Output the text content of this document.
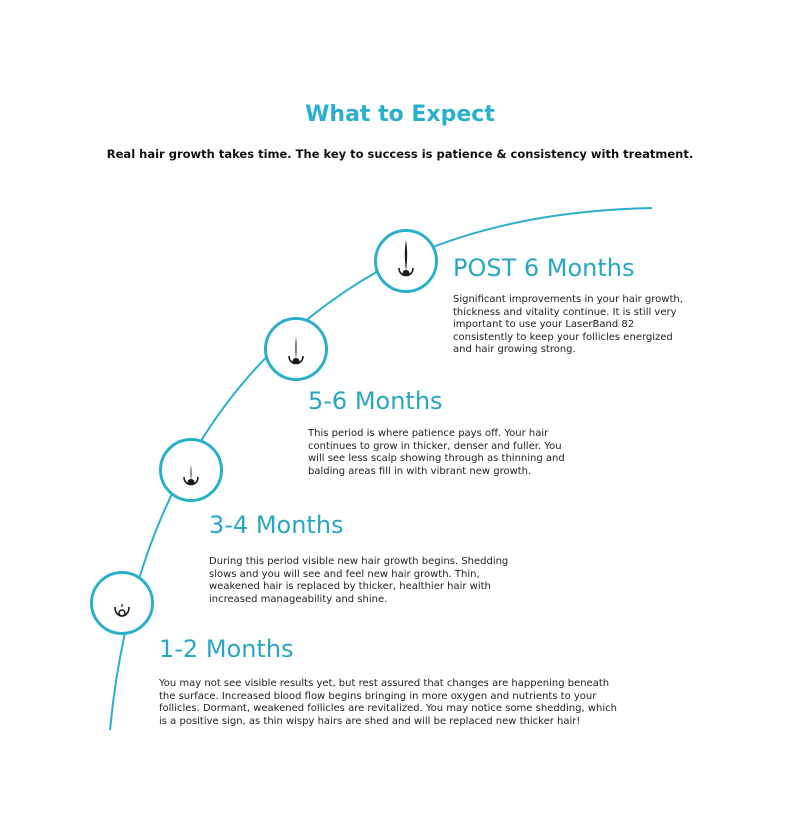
What to Expect
Real hair growth takes time. The key to success is patience & consistency with treatment.
POST 6 Months
Significant improvements in your hair growth,
thickness and vitality continue. It is still very
important to use your LaserBand 82
consistently to keep your follicles energized
and hair growing strong.
5-6 Months
This period is where patience pays off. Your hair
continues to grow in thicker, denser and fuller. You
will see less scalp showing through as thinning and
balding areas fill in with vibrant new growth.
3-4 Months
During this period visible new hair growth begins. Shedding
slows and you will see and feel new hair growth. Thin,
weakened hair is replaced by thicker, healthier hair with
increased manageability and shine.
1-2 Months
You may not see visible results yet, but rest assured that changes are happening beneath
the surface. Increased blood flow begins bringing in more oxygen and nutrients to your
follicles. Dormant, weakened follicles are revitalized. You may notice some shedding, which
is a positive sign, as thin wispy hairs are shed and will be replaced new thicker hair!
